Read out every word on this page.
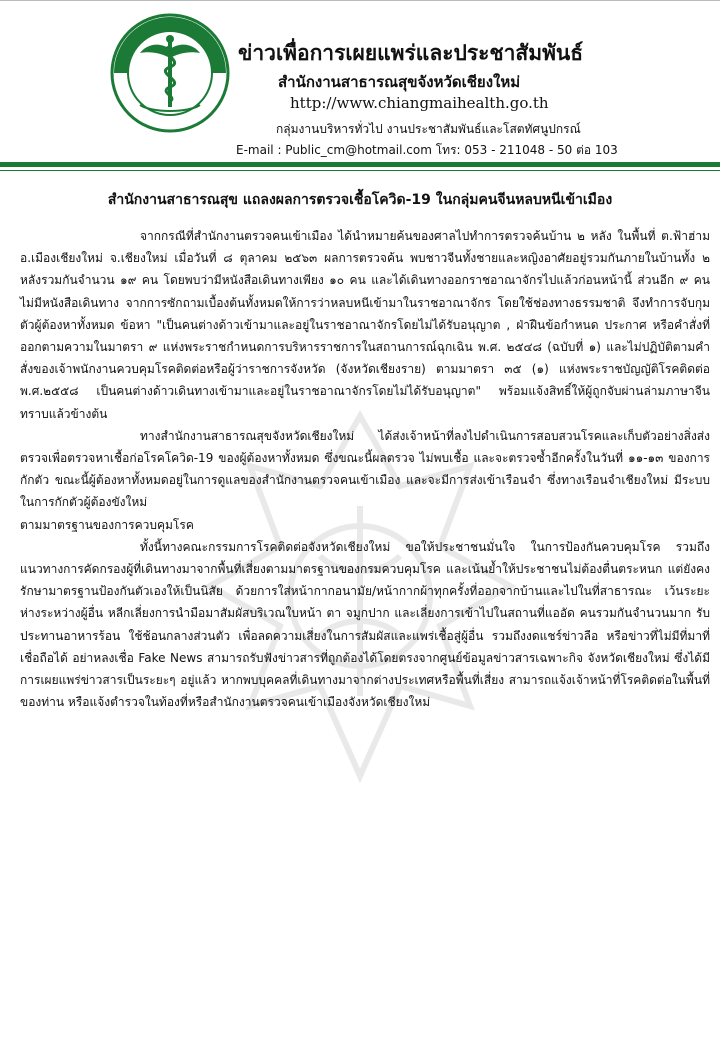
ข่าวเพื่อการเผยแพร่และประชาสัมพันธ์
สำนักงานสาธารณสุขจังหวัดเชียงใหม่
http://www.chiangmaihealth.go.th
กลุ่มงานบริหารทั่วไป งานประชาสัมพันธ์และโสตทัศนูปกรณ์
E-mail : Public_cm@hotmail.com โทร: 053 - 211048 - 50 ต่อ 103
สำนักงานสาธารณสุข แถลงผลการตรวจเชื้อโควิด-19 ในกลุ่มคนจีนหลบหนีเข้าเมือง

จากกรณีที่สำนักงานตรวจคนเข้าเมือง ได้นำหมายค้นของศาลไปทำการตรวจค้นบ้าน ๒ หลัง ในพื้นที่ ต.ฟ้าฮ่าม อ.เมืองเชียงใหม่ จ.เชียงใหม่ เมื่อวันที่ ๘ ตุลาคม ๒๕๖๓ ผลการตรวจค้น พบชาวจีนทั้งชายและหญิงอาศัยอยู่รวมกันภายในบ้านทั้ง ๒ หลังรวมกันจำนวน ๑๙ คน โดยพบว่ามีหนังสือเดินทางเพียง ๑๐ คน และได้เดินทางออกราชอาณาจักรไปแล้วก่อนหน้านี้ ส่วนอีก ๙ คนไม่มีหนังสือเดินทาง จากการซักถามเบื้องต้นทั้งหมดให้การว่าหลบหนีเข้ามาในราชอาณาจักร โดยใช้ช่องทางธรรมชาติ จึงทำการจับกุมตัวผู้ต้องหาทั้งหมด ข้อหา "เป็นคนต่างด้าวเข้ามาและอยู่ในราชอาณาจักรโดยไม่ได้รับอนุญาต , ฝ่าฝืนข้อกำหนด ประกาศ หรือคำสั่งที่ออกตามความในมาตรา ๙ แห่งพระราชกำหนดการบริหารราชการในสถานการณ์ฉุกเฉิน พ.ศ. ๒๕๔๘ (ฉบับที่ ๑) และไม่ปฏิบัติตามคำสั่งของเจ้าพนักงานควบคุมโรคติดต่อหรือผู้ว่าราชการจังหวัด (จังหวัดเชียงราย) ตามมาตรา ๓๕ (๑) แห่งพระราชบัญญัติโรคติดต่อ พ.ศ.๒๕๕๘ เป็นคนต่างด้าวเดินทางเข้ามาและอยู่ในราชอาณาจักรโดยไม่ได้รับอนุญาต" พร้อมแจ้งสิทธิ์ให้ผู้ถูกจับผ่านล่ามภาษาจีน ทราบแล้วข้างต้น

ทางสำนักงานสาธารณสุขจังหวัดเชียงใหม่ ได้ส่งเจ้าหน้าที่ลงไปดำเนินการสอบสวนโรคและเก็บตัวอย่างสิ่งส่งตรวจเพื่อตรวจหาเชื้อก่อโรคโควิด-19 ของผู้ต้องหาทั้งหมด ซึ่งขณะนี้ผลตรวจ ไม่พบเชื้อ และจะตรวจซ้ำอีกครั้งในวันที่ ๑๑-๑๓ ของการกักตัว ขณะนี้ผู้ต้องหาทั้งหมดอยู่ในการดูแลของสำนักงานตรวจคนเข้าเมือง และจะมีการส่งเข้าเรือนจำ ซึ่งทางเรือนจำเชียงใหม่ มีระบบในการกักตัวผู้ต้องขังใหม่

ตามมาตรฐานของการควบคุมโรค

ทั้งนี้ทางคณะกรรมการโรคติดต่อจังหวัดเชียงใหม่ ขอให้ประชาชนมั่นใจ ในการป้องกันควบคุมโรค รวมถึงแนวทางการคัดกรองผู้ที่เดินทางมาจากพื้นที่เสี่ยงตามมาตรฐานของกรมควบคุมโรค และเน้นย้ำให้ประชาชนไม่ต้องตื่นตระหนก แต่ยังคงรักษามาตรฐานป้องกันตัวเองให้เป็นนิสัย ด้วยการใส่หน้ากากอนามัย/หน้ากากผ้าทุกครั้งที่ออกจากบ้านและไปในที่สาธารณะ เว้นระยะห่างระหว่างผู้อื่น หลีกเลี่ยงการนำมือมาสัมผัสบริเวณใบหน้า ตา จมูกปาก และเลี่ยงการเข้าไปในสถานที่แออัด คนรวมกันจำนวนมาก รับประทานอาหารร้อน ใช้ช้อนกลางส่วนตัว เพื่อลดความเสี่ยงในการสัมผัสและแพร่เชื้อสู่ผู้อื่น รวมถึงงดแชร์ข่าวลือ หรือข่าวที่ไม่มีที่มาที่เชื่อถือได้ อย่าหลงเชื่อ Fake News สามารถรับฟังข่าวสารที่ถูกต้องได้โดยตรงจากศูนย์ข้อมูลข่าวสารเฉพาะกิจ จังหวัดเชียงใหม่ ซึ่งได้มีการเผยแพร่ข่าวสารเป็นระยะๆ อยู่แล้ว หากพบบุคคลที่เดินทางมาจากต่างประเทศหรือพื้นที่เสี่ยง สามารถแจ้งเจ้าหน้าที่โรคติดต่อในพื้นที่ของท่าน หรือแจ้งตำรวจในท้องที่หรือสำนักงานตรวจคนเข้าเมืองจังหวัดเชียงใหม่
